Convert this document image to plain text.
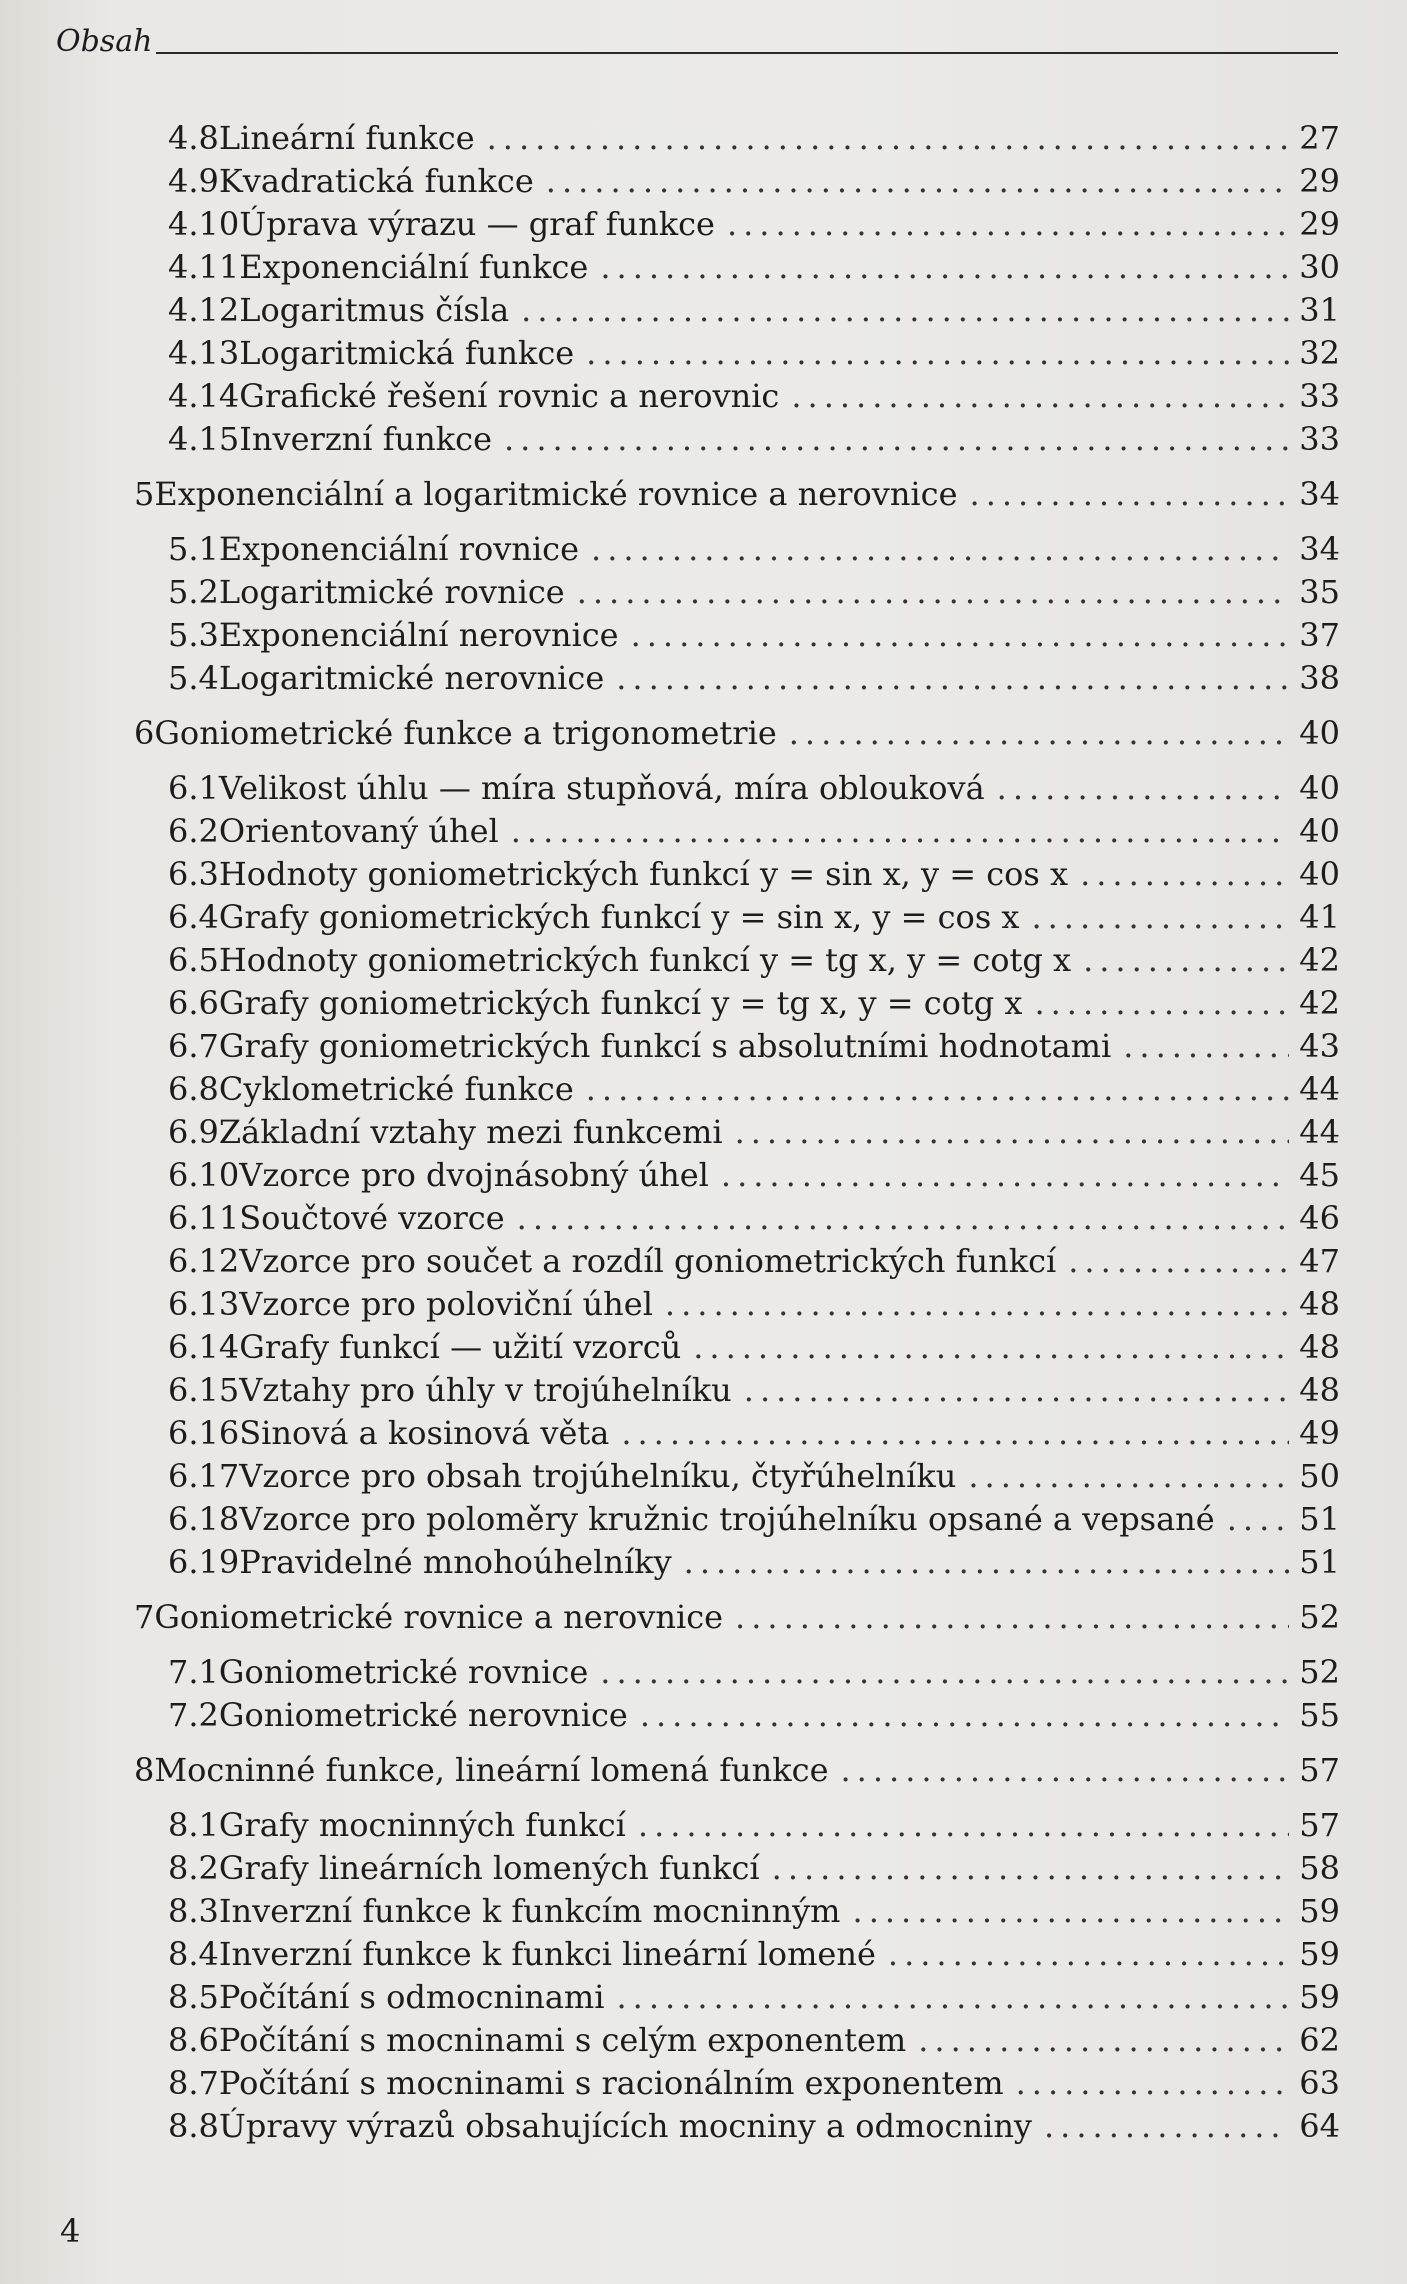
Obsah
4.8 Lineární funkce .....	27
4.9 Kvadratická funkce .....	29
4.10 Úprava výrazu — graf funkce .....	29
4.11 Exponenciální funkce .....	30
4.12 Logaritmus čísla .....	31
4.13 Logaritmická funkce .....	32
4.14 Grafické řešení rovnic a nerovnic .....	33
4.15 Inverzní funkce .....	33
5 Exponenciální a logaritmické rovnice a nerovnice .....	34
5.1 Exponenciální rovnice .....	34
5.2 Logaritmické rovnice .....	35
5.3 Exponenciální nerovnice .....	37
5.4 Logaritmické nerovnice .....	38
6 Goniometrické funkce a trigonometrie .....	40
6.1 Velikost úhlu — míra stupňová, míra oblouková .....	40
6.2 Orientovaný úhel .....	40
6.3 Hodnoty goniometrických funkcí y = sin x, y = cos x .....	40
6.4 Grafy goniometrických funkcí y = sin x, y = cos x .....	41
6.5 Hodnoty goniometrických funkcí y = tg x, y = cotg x .....	42
6.6 Grafy goniometrických funkcí y = tg x, y = cotg x .....	42
6.7 Grafy goniometrických funkcí s absolutními hodnotami .....	43
6.8 Cyklometrické funkce .....	44
6.9 Základní vztahy mezi funkcemi .....	44
6.10 Vzorce pro dvojnásobný úhel .....	45
6.11 Součtové vzorce .....	46
6.12 Vzorce pro součet a rozdíl goniometrických funkcí .....	47
6.13 Vzorce pro poloviční úhel .....	48
6.14 Grafy funkcí — užití vzorců .....	48
6.15 Vztahy pro úhly v trojúhelníku .....	48
6.16 Sinová a kosinová věta .....	49
6.17 Vzorce pro obsah trojúhelníku, čtyřúhelníku .....	50
6.18 Vzorce pro poloměry kružnic trojúhelníku opsané a vepsané .....	51
6.19 Pravidelné mnohoúhelníky .....	51
7 Goniometrické rovnice a nerovnice .....	52
7.1 Goniometrické rovnice .....	52
7.2 Goniometrické nerovnice .....	55
8 Mocninné funkce, lineární lomená funkce .....	57
8.1 Grafy mocninných funkcí .....	57
8.2 Grafy lineárních lomených funkcí .....	58
8.3 Inverzní funkce k funkcím mocninným .....	59
8.4 Inverzní funkce k funkci lineární lomené .....	59
8.5 Počítání s odmocninami .....	59
8.6 Počítání s mocninami s celým exponentem .....	62
8.7 Počítání s mocninami s racionálním exponentem .....	63
8.8 Úpravy výrazů obsahujících mocniny a odmocniny .....	64
4
